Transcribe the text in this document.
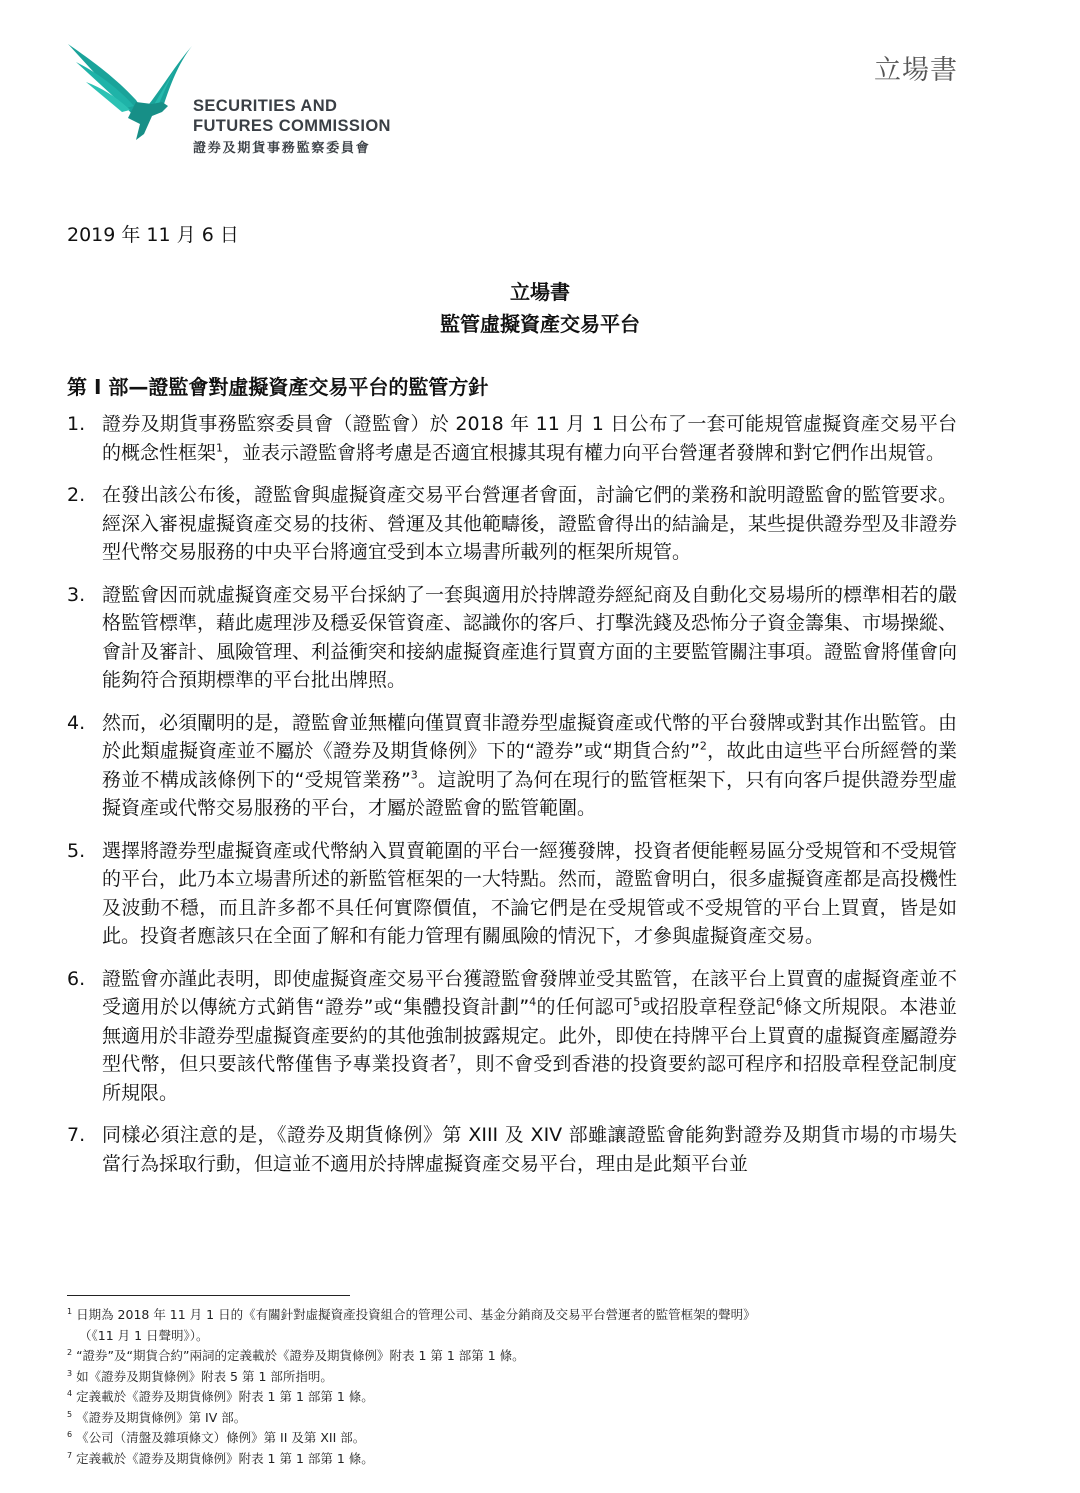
SECURITIES AND
FUTURES COMMISSION
證券及期貨事務監察委員會
立場書
2019 年 11 月 6 日
立場書
監管虛擬資產交易平台
第 I 部—證監會對虛擬資產交易平台的監管方針
1. 證券及期貨事務監察委員會（證監會）於 2018 年 11 月 1 日公布了一套可能規管虛擬資產交易平台的概念性框架$^1$，並表示證監會將考慮是否適宜根據其現有權力向平台營運者發牌和對它們作出規管。
2. 在發出該公布後，證監會與虛擬資產交易平台營運者會面，討論它們的業務和說明證監會的監管要求。經深入審視虛擬資產交易的技術、營運及其他範疇後，證監會得出的結論是，某些提供證券型及非證券型代幣交易服務的中央平台將適宜受到本立場書所載列的框架所規管。
3. 證監會因而就虛擬資產交易平台採納了一套與適用於持牌證券經紀商及自動化交易場所的標準相若的嚴格監管標準，藉此處理涉及穩妥保管資產、認識你的客戶、打擊洗錢及恐怖分子資金籌集、市場操縱、會計及審計、風險管理、利益衝突和接納虛擬資產進行買賣方面的主要監管關注事項。證監會將僅會向能夠符合預期標準的平台批出牌照。
4. 然而，必須闡明的是，證監會並無權向僅買賣非證券型虛擬資產或代幣的平台發牌或對其作出監管。由於此類虛擬資產並不屬於《證券及期貨條例》下的“證券”或“期貨合約”$^2$，故此由這些平台所經營的業務並不構成該條例下的“受規管業務”$^3$。這說明了為何在現行的監管框架下，只有向客戶提供證券型虛擬資產或代幣交易服務的平台，才屬於證監會的監管範圍。
5. 選擇將證券型虛擬資產或代幣納入買賣範圍的平台一經獲發牌，投資者便能輕易區分受規管和不受規管的平台，此乃本立場書所述的新監管框架的一大特點。然而，證監會明白，很多虛擬資產都是高投機性及波動不穩，而且許多都不具任何實際價值，不論它們是在受規管或不受規管的平台上買賣，皆是如此。投資者應該只在全面了解和有能力管理有關風險的情況下，才參與虛擬資產交易。
6. 證監會亦謹此表明，即使虛擬資產交易平台獲證監會發牌並受其監管，在該平台上買賣的虛擬資產並不受適用於以傳統方式銷售“證券”或“集體投資計劃”$^4$的任何認可$^5$或招股章程登記$^6$條文所規限。本港並無適用於非證券型虛擬資產要約的其他強制披露規定。此外，即使在持牌平台上買賣的虛擬資產屬證券型代幣，但只要該代幣僅售予專業投資者$^7$，則不會受到香港的投資要約認可程序和招股章程登記制度所規限。
7. 同樣必須注意的是，《證券及期貨條例》第 XIII 及 XIV 部雖讓證監會能夠對證券及期貨市場的市場失當行為採取行動，但這並不適用於持牌虛擬資產交易平台，理由是此類平台並
$^1$ 日期為 2018 年 11 月 1 日的《有關針對虛擬資產投資組合的管理公司、基金分銷商及交易平台營運者的監管框架的聲明》
（《11 月 1 日聲明》）。
$^2$ “證券”及“期貨合約”兩詞的定義載於《證券及期貨條例》附表 1 第 1 部第 1 條。
$^3$ 如《證券及期貨條例》附表 5 第 1 部所指明。
$^4$ 定義載於《證券及期貨條例》附表 1 第 1 部第 1 條。
$^5$ 《證券及期貨條例》第 IV 部。
$^6$ 《公司（清盤及雜項條文）條例》第 II 及第 XII 部。
$^7$ 定義載於《證券及期貨條例》附表 1 第 1 部第 1 條。
